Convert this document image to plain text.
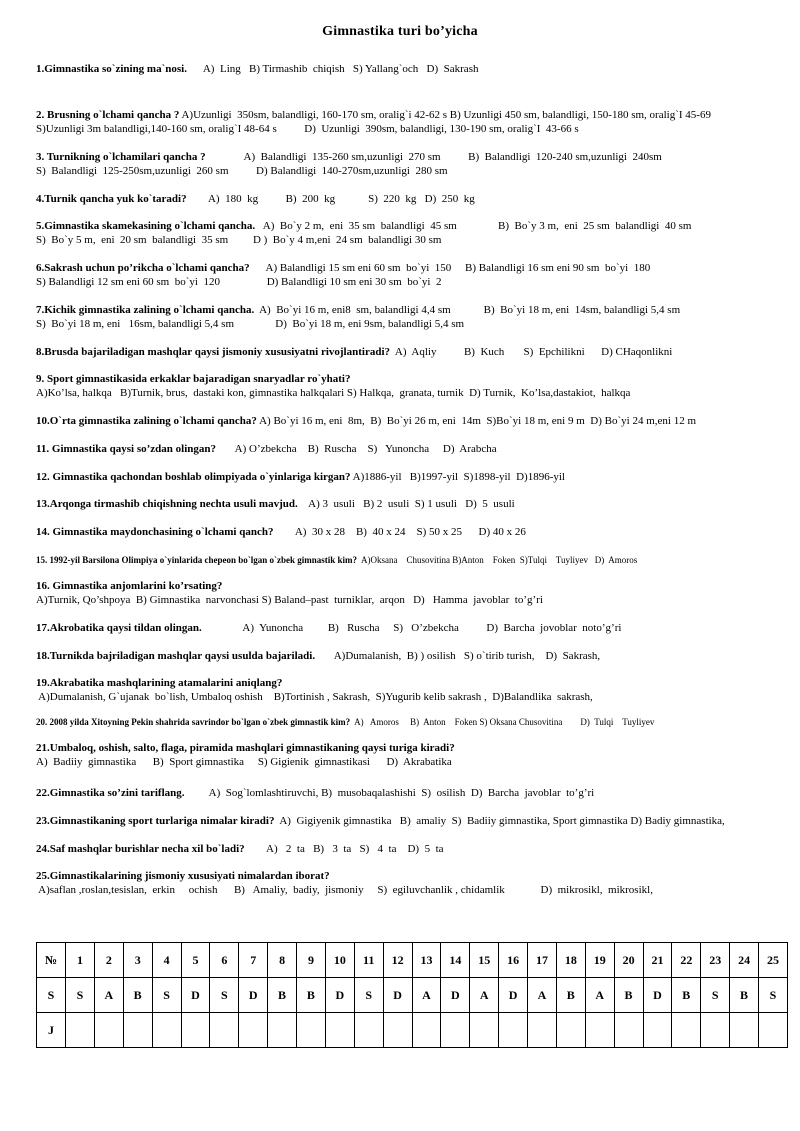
Gimnastika turi bo’yicha
1.Gimnastika so`zining ma`nosi.      A)  Ling   B) Tirmashib  chiqish   S) Yallang`och   D)  Sakrash
2. Brusning o`lchami qancha ? A)Uzunligi  350sm, balandligi, 160-170 sm, oralig`i 42-62 s B) Uzunligi 450 sm, balandligi, 150-180 sm, oralig`I 45-69
S)Uzunligi 3m balandligi,140-160 sm, oralig`I 48-64 s          D)  Uzunligi  390sm, balandligi, 130-190 sm, oralig`I  43-66 s
3. Turnikning o`lchamilari qancha ?              A)  Balandligi  135-260 sm,uzunligi  270 sm          B)  Balandligi  120-240 sm,uzunligi  240sm
S)  Balandligi  125-250sm,uzunligi  260 sm          D) Balandligi  140-270sm,uzunligi  280 sm
4.Turnik qancha yuk ko`taradi?        A)  180  kg          B)  200  kg            S)  220  kg   D)  250  kg
5.Gimnastika skamekasining o`lchami qancha.   A)  Bo`y 2 m,  eni  35 sm  balandligi  45 sm               B)  Bo`y 3 m,  eni  25 sm  balandligi  40 sm
S)  Bo`y 5 m,  eni  20 sm  balandligi  35 sm         D )  Bo`y 4 m,eni  24 sm  balandligi 30 sm
6.Sakrash uchun po’rikcha o`lchami qancha?      A) Balandligi 15 sm eni 60 sm  bo`yi  150     B) Balandligi 16 sm eni 90 sm  bo`yi  180
S) Balandligi 12 sm eni 60 sm  bo`yi  120                 D) Balandligi 10 sm eni 30 sm  bo`yi  2
7.Kichik gimnastika zalining o`lchami qancha.  A)  Bo`yi 16 m, eni8  sm, balandligi 4,4 sm            B)  Bo`yi 18 m, eni  14sm, balandligi 5,4 sm
S)  Bo`yi 18 m, eni   16sm, balandligi 5,4 sm               D)  Bo`yi 18 m, eni 9sm, balandligi 5,4 sm
8.Brusda bajariladigan mashqlar qaysi jismoniy xususiyatni rivojlantiradi?  A)  Aqliy          B)  Kuch       S)  Epchilikni      D) CHaqonlikni
9. Sport gimnastikasida erkaklar bajaradigan snaryadlar ro`yhati?
A)Ko’lsa, halkqa   B)Turnik, brus,  dastaki kon, gimnastika halkqalari S) Halkqa,  granata, turnik  D) Turnik,  Ko’lsa,dastakiot,  halkqa
10.O`rta gimnastika zalining o`lchami qancha? A) Bo`yi 16 m, eni  8m,  B)  Bo`yi 26 m, eni  14m  S)Bo`yi 18 m, eni 9 m  D) Bo`yi 24 m,eni 12 m
11. Gimnastika qaysi so’zdan olingan?       A) O’zbekcha    B)  Ruscha    S)   Yunoncha     D)  Arabcha
12. Gimnastika qachondan boshlab olimpiyada o`yinlariga kirgan? A)1886-yil   B)1997-yil  S)1898-yil  D)1896-yil
13.Arqonga tirmashib chiqishning nechta usuli mavjud.    A) 3  usuli   B) 2  usuli  S) 1 usuli   D)  5  usuli
14. Gimnastika maydonchasining o`lchami qanch?        A)  30 x 28    B)  40 x 24    S) 50 x 25      D) 40 x 26
15. 1992-yil Barsilona Olimpiya o`yinlarida chepeon bo`lgan o`zbek gimnastik kim?  A)Oksana    Chusovitina B)Anton    Foken  S)Tulqi    Tuyliyev   D)  Amoros
16. Gimnastika anjomlarini ko’rsating?
A)Turnik, Qo’shpoya  B) Gimnastika  narvonchasi S) Baland–past  turniklar,  arqon   D)   Hamma  javoblar  to’g’ri
17.Akrobatika qaysi tildan olingan.               A)  Yunoncha         B)   Ruscha     S)   O’zbekcha          D)  Barcha  jovoblar  noto’g’ri
18.Turnikda bajriladigan mashqlar qaysi usulda bajariladi.       A)Dumalanish,  B) ) osilish   S) o`tirib turish,    D)  Sakrash,
19.Akrabatika mashqlarining atamalarini aniqlang?
A)Dumalanish, G`ujanak  bo`lish, Umbaloq oshish    B)Tortinish , Sakrash,  S)Yugurib kelib sakrash ,  D)Balandlika  sakrash,
20. 2008 yilda Xitoyning Pekin shahrida savrindor bo`lgan o`zbek gimnastik kim?  A)   Amoros     B)  Anton    Foken S) Oksana Chusovitina        D)  Tulqi    Tuyliyev
21.Umbaloq, oshish, salto, flaga, piramida mashqlari gimnastikaning qaysi turiga kiradi?
A)  Badiiy  gimnastika      B)  Sport gimnastika     S) Gigienik  gimnastikasi      D)  Akrabatika
22.Gimnastika so’zini tariflang.         A)  Sog`lomlashtiruvchi, B)  musobaqalashishi  S)  osilish  D)  Barcha  javoblar  to’g’ri
23.Gimnastikaning sport turlariga nimalar kiradi?  A)  Gigiyenik gimnastika   B)  amaliy  S)  Badiiy gimnastika, Sport gimnastika D) Badiy gimnastika,
24.Saf mashqlar burishlar necha xil bo`ladi?        A)   2  ta   B)   3  ta   S)   4  ta    D)  5  ta
25.Gimnastikalarining jismoniy xususiyati nimalardan iborat?
A)saflan ,roslan,tesislan,  erkin     ochish      B)   Amaliy,  badiy,  jismoniy     S)  egiluvchanlik , chidamlik             D)  mikrosikl,  mikrosikl,
№	1	2	3	4	5	6	7	8	9	10	11	12	13	14	15	16	17	18	19	20	21	22	23	24	25
S	S	A	B	S	D	S	D	B	B	D	S	D	A	D	A	D	A	B	A	B	D	B	S	B	S
J																									
